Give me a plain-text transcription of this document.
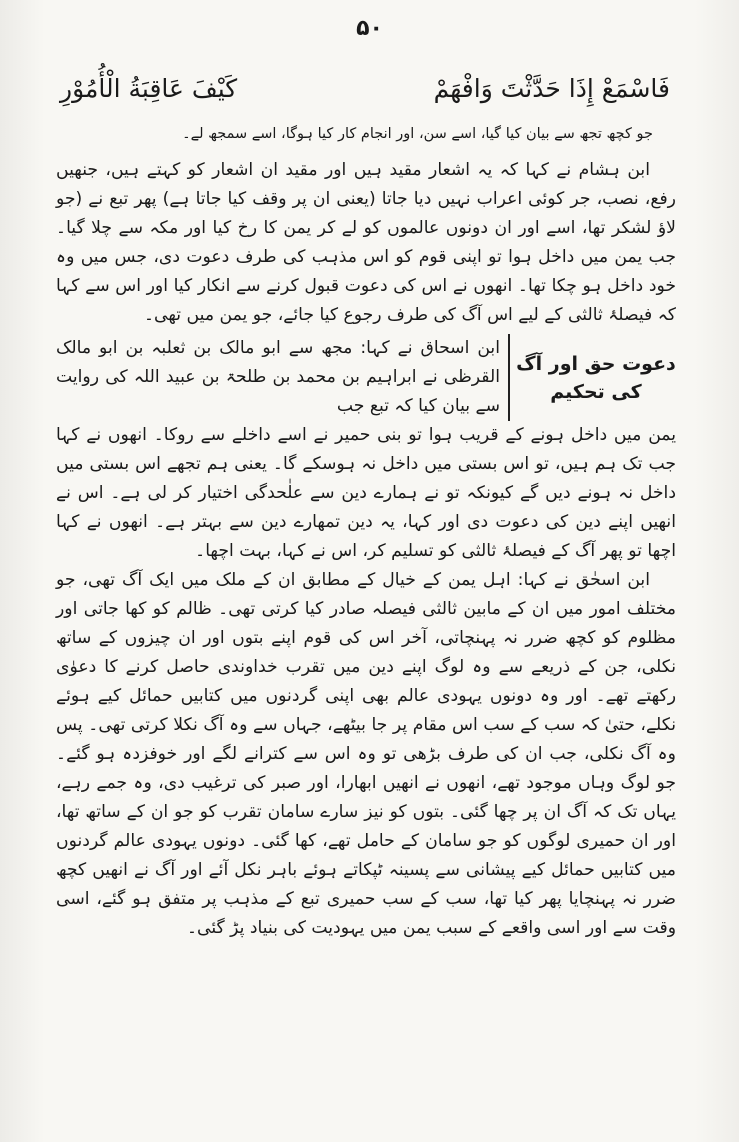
۵۰
فَاسْمَعْ إِذَا حَدَّثْتَ وَافْهَمْ
كَيْفَ عَاقِبَةُ الْأُمُوْرِ
جو کچھ تجھ سے بیان کیا گیا، اسے سن، اور انجام کار کیا ہوگا، اسے سمجھ لے۔

ابن ہشام نے کہا کہ یہ اشعار مقید ہیں اور مقید ان اشعار کو کہتے ہیں، جنھیں رفع، نصب، جر کوئی اعراب نہیں دیا جاتا (یعنی ان پر وقف کیا جاتا ہے) پھر تبع نے (جو لاؤ لشکر تھا، اسے اور ان دونوں عالموں کو لے کر یمن کا رخ کیا اور مکہ سے چلا گیا۔ جب یمن میں داخل ہوا تو اپنی قوم کو اس مذہب کی طرف دعوت دی، جس میں وہ خود داخل ہو چکا تھا۔ انھوں نے اس کی دعوت قبول کرنے سے انکار کیا اور اس سے کہا کہ فیصلۂ ثالثی کے لیے اس آگ کی طرف رجوع کیا جائے، جو یمن میں تھی۔

دعوت حق اور آگ کی تحکیم

ابن اسحاق نے کہا: مجھ سے ابو مالک بن ثعلبہ بن ابو مالک القرظی نے ابراہیم بن محمد بن طلحۃ بن عبید اللہ کی روایت سے بیان کیا کہ تبع جب

یمن میں داخل ہونے کے قریب ہوا تو بنی حمیر نے اسے داخلے سے روکا۔ انھوں نے کہا جب تک ہم ہیں، تو اس بستی میں داخل نہ ہوسکے گا۔ یعنی ہم تجھے اس بستی میں داخل نہ ہونے دیں گے کیونکہ تو نے ہمارے دین سے علٰحدگی اختیار کر لی ہے۔ اس نے انھیں اپنے دین کی دعوت دی اور کہا، یہ دین تمھارے دین سے بہتر ہے۔ انھوں نے کہا اچھا تو پھر آگ کے فیصلۂ ثالثی کو تسلیم کر، اس نے کہا، بہت اچھا۔

ابن اسحٰق نے کہا: اہل یمن کے خیال کے مطابق ان کے ملک میں ایک آگ تھی، جو مختلف امور میں ان کے مابین ثالثی فیصلہ صادر کیا کرتی تھی۔ ظالم کو کھا جاتی اور مظلوم کو کچھ ضرر نہ پہنچاتی، آخر اس کی قوم اپنے بتوں اور ان چیزوں کے ساتھ نکلی، جن کے ذریعے سے وہ لوگ اپنے دین میں تقرب خداوندی حاصل کرنے کا دعوٰی رکھتے تھے۔ اور وہ دونوں یہودی عالم بھی اپنی گردنوں میں کتابیں حمائل کیے ہوئے نکلے، حتیٰ کہ سب کے سب اس مقام پر جا بیٹھے، جہاں سے وہ آگ نکلا کرتی تھی۔ پس وہ آگ نکلی، جب ان کی طرف بڑھی تو وہ اس سے کترانے لگے اور خوفزدہ ہو گئے۔ جو لوگ وہاں موجود تھے، انھوں نے انھیں ابھارا، اور صبر کی ترغیب دی، وہ جمے رہے، یہاں تک کہ آگ ان پر چھا گئی۔ بتوں کو نیز سارے سامان تقرب کو جو ان کے ساتھ تھا، اور ان حمیری لوگوں کو جو سامان کے حامل تھے، کھا گئی۔ دونوں یہودی عالم گردنوں میں کتابیں حمائل کیے پیشانی سے پسینہ ٹپکاتے ہوئے باہر نکل آئے اور آگ نے انھیں کچھ ضرر نہ پہنچایا پھر کیا تھا، سب کے سب حمیری تبع کے مذہب پر متفق ہو گئے، اسی وقت سے اور اسی واقعے کے سبب یمن میں یہودیت کی بنیاد پڑ گئی۔
